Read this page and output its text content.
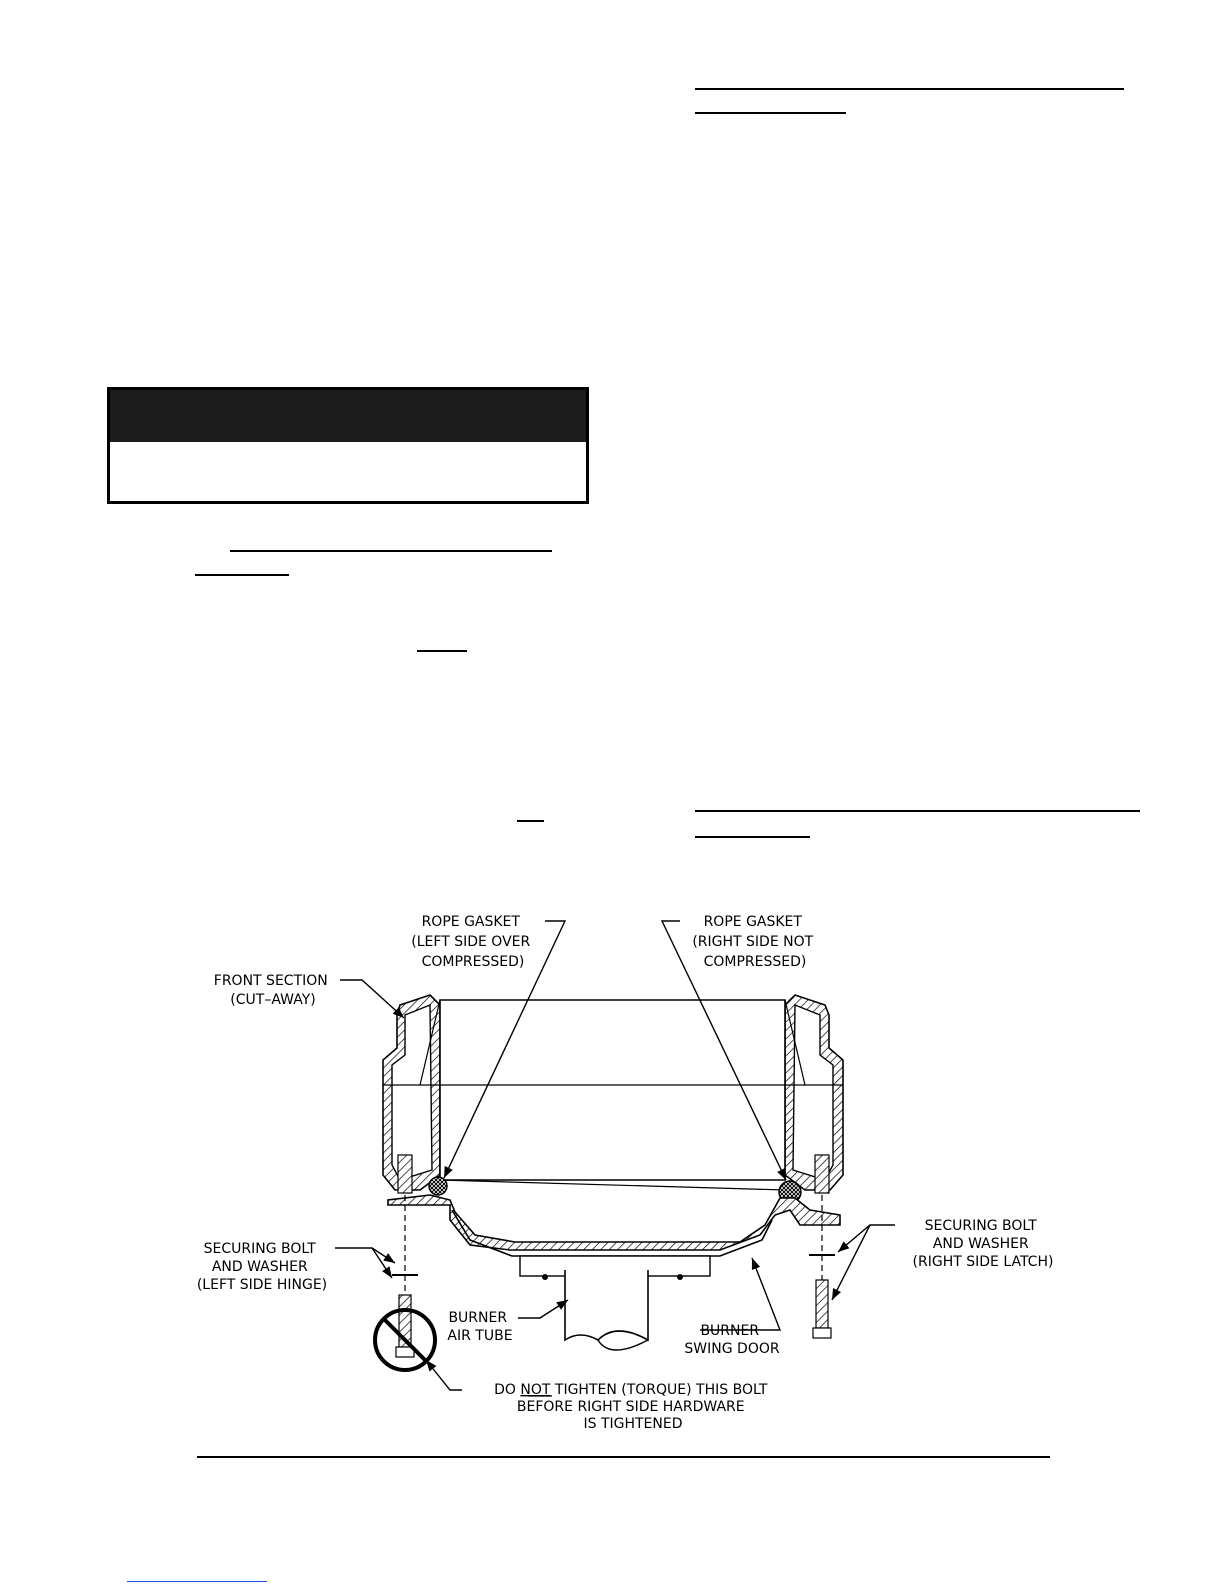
ROPE GASKET (LEFT SIDE OVER COMPRESSED)
ROPE GASKET (RIGHT SIDE NOT COMPRESSED)
FRONT SECTION (CUT–AWAY)
SECURING BOLT AND WASHER (LEFT SIDE HINGE)
SECURING BOLT AND WASHER (RIGHT SIDE LATCH)
BURNER AIR TUBE	BURNER SWING DOOR
DO NOT TIGHTEN (TORQUE) THIS BOLT BEFORE RIGHT SIDE HARDWARE IS TIGHTENED
